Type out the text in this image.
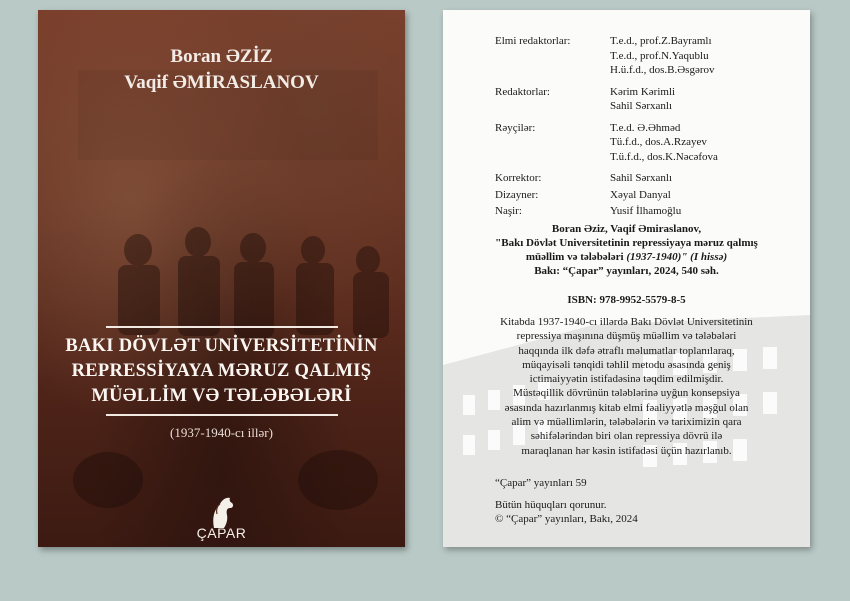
Boran ƏZİZ
Vaqif ƏMİRASLANOV
BAKI DÖVLƏT UNİVERSİTETİNİN
REPRESSİYAYA MƏRUZ QALMIŞ
MÜƏLLİM VƏ TƏLƏBƏLƏRİ
(1937-1940-cı illər)
ÇAPAR
Elmi redaktorlar:	T.e.d., prof.Z.Bayramlı
T.e.d., prof.N.Yaqublu
H.ü.f.d., dos.B.Əsgərov
Redaktorlar:	Kərim Kərimli
Sahil Sərxanlı
Rəyçilər:	T.e.d. Ə.Əhməd
Tü.f.d., dos.A.Rzayev
T.ü.f.d., dos.K.Nəcəfova
Korrektor:	Sahil Sərxanlı
Dizayner:	Xəyal Danyal
Naşir:	Yusif İlhamoğlu
Boran Əziz, Vaqif Əmiraslanov,
"Bakı Dövlət Universitetinin repressiyaya məruz qalmış
müəllim və tələbələri (1937-1940)" (I hissə)
Bakı: “Çapar” yayınları, 2024, 540 səh.
ISBN: 978-9952-5579-8-5
Kitabda 1937-1940-cı illərdə Bakı Dövlət Universitetinin
repressiya maşınına düşmüş müəllim və tələbələri
haqqında ilk dəfə ətraflı məlumatlar toplanılaraq,
müqayisəli tənqidi təhlil metodu əsasında geniş
ictimaiyyətin istifadəsinə təqdim edilmişdir.
Müstəqillik dövrünün tələblərinə uyğun konsepsiya
əsasında hazırlanmış kitab elmi fəaliyyətlə məşğul olan
alim və müəllimlərin, tələbələrin və tariximizin qara
səhifələrindən biri olan repressiya dövrü ilə
maraqlanan hər kəsin istifadəsi üçün hazırlanıb.
“Çapar” yayınları 59
Bütün hüquqları qorunur.
© “Çapar” yayınları, Bakı, 2024
